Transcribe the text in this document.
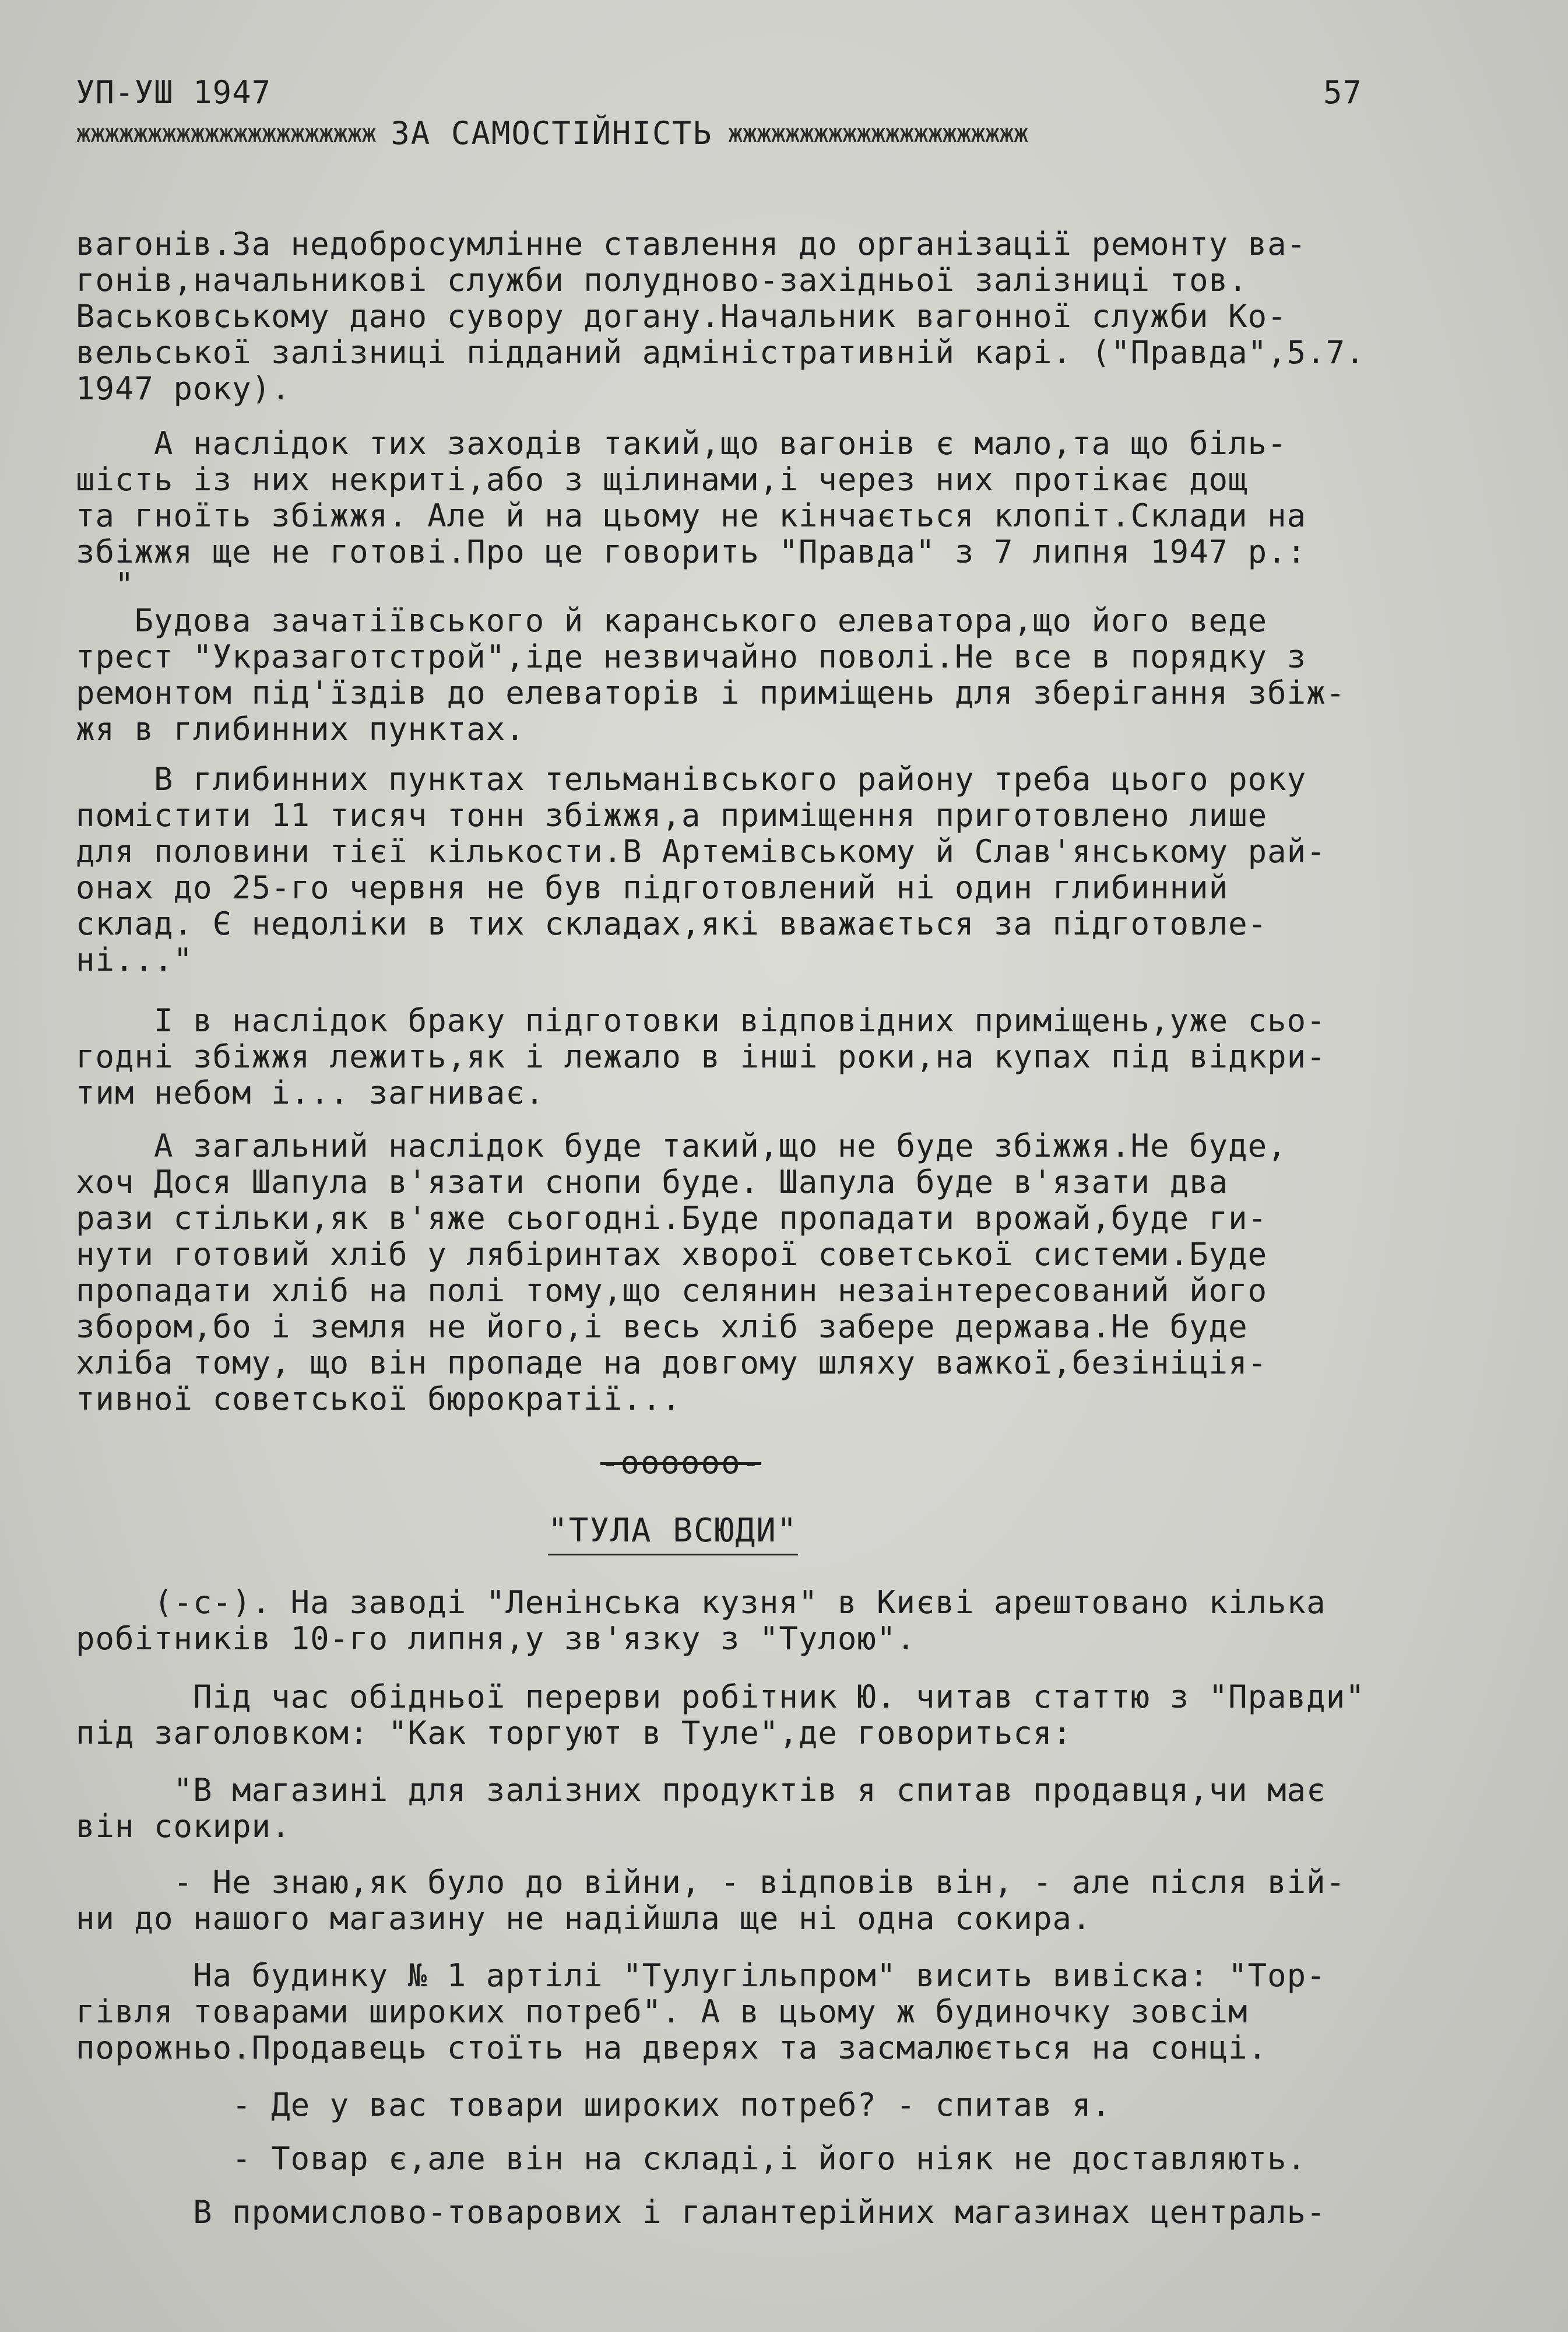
УП-УШ 1947	57
жжжжжжжжжжжжжжжжжжжжж ЗА САМОСТІЙНІСТЬ жжжжжжжжжжжжжжжжжжжжж
вагонів.За недобросумлінне ставлення до організації ремонту ва-
гонів,начальникові служби полудново-західньої залізниці тов.
Васьковському дано сувору догану.Начальник вагонної служби Ко-
вельської залізниці підданий адміністративній карі. ("Правда",5.7.
1947 року).
А наслідок тих заходів такий,що вагонів є мало,та що біль-
шість із них некриті,або з щілинами,і через них протікає дощ
та гноїть збіжжя. Але й на цьому не кінчається клопіт.Склади на
збіжжя ще не готові.Про це говорить "Правда" з 7 липня 1947 р.:
"
Будова зачатіївського й каранського елеватора,що його веде
трест "Укразаготстрой",іде незвичайно поволі.Не все в порядку з
ремонтом під'їздів до елеваторів і приміщень для зберігання збіж-
жя в глибинних пунктах.
В глибинних пунктах тельманівського району треба цього року
помістити 11 тисяч тонн збіжжя,а приміщення приготовлено лише
для половини тієї кількости.В Артемівському й Слав'янському рай-
онах до 25-го червня не був підготовлений ні один глибинний
склад. Є недоліки в тих складах,які вважається за підготовле-
ні..."
І в наслідок браку підготовки відповідних приміщень,уже сьо-
годні збіжжя лежить,як і лежало в інші роки,на купах під відкри-
тим небом і... загниває.
А загальний наслідок буде такий,що не буде збіжжя.Не буде,
хоч Дося Шапула в'язати снопи буде. Шапула буде в'язати два
рази стільки,як в'яже сьогодні.Буде пропадати врожай,буде ги-
нути готовий хліб у лябіринтах хворої советської системи.Буде
пропадати хліб на полі тому,що селянин незаінтересований його
збором,бо і земля не його,і весь хліб забере держава.Не буде
хліба тому, що він пропаде на довгому шляху важкої,безініція-
тивної советської бюрократії...
-оооооо-
"ТУЛА ВСЮДИ"
(-с-). На заводі "Ленінська кузня" в Києві арештовано кілька
робітників 10-го липня,у зв'язку з "Тулою".
Під час обідньої перерви робітник Ю. читав статтю з "Правди"
під заголовком: "Как торгуют в Туле",де говориться:
"В магазині для залізних продуктів я спитав продавця,чи має
він сокири.
- Не знаю,як було до війни, - відповів він, - але після вій-
ни до нашого магазину не надійшла ще ні одна сокира.
На будинку № 1 артілі "Тулугільпром" висить вивіска: "Тор-
гівля товарами широких потреб". А в цьому ж будиночку зовсім
порожньо.Продавець стоїть на дверях та засмалюється на сонці.
- Де у вас товари широких потреб? - спитав я.
- Товар є,але він на складі,і його ніяк не доставляють.
В промислово-товарових і галантерійних магазинах централь-
